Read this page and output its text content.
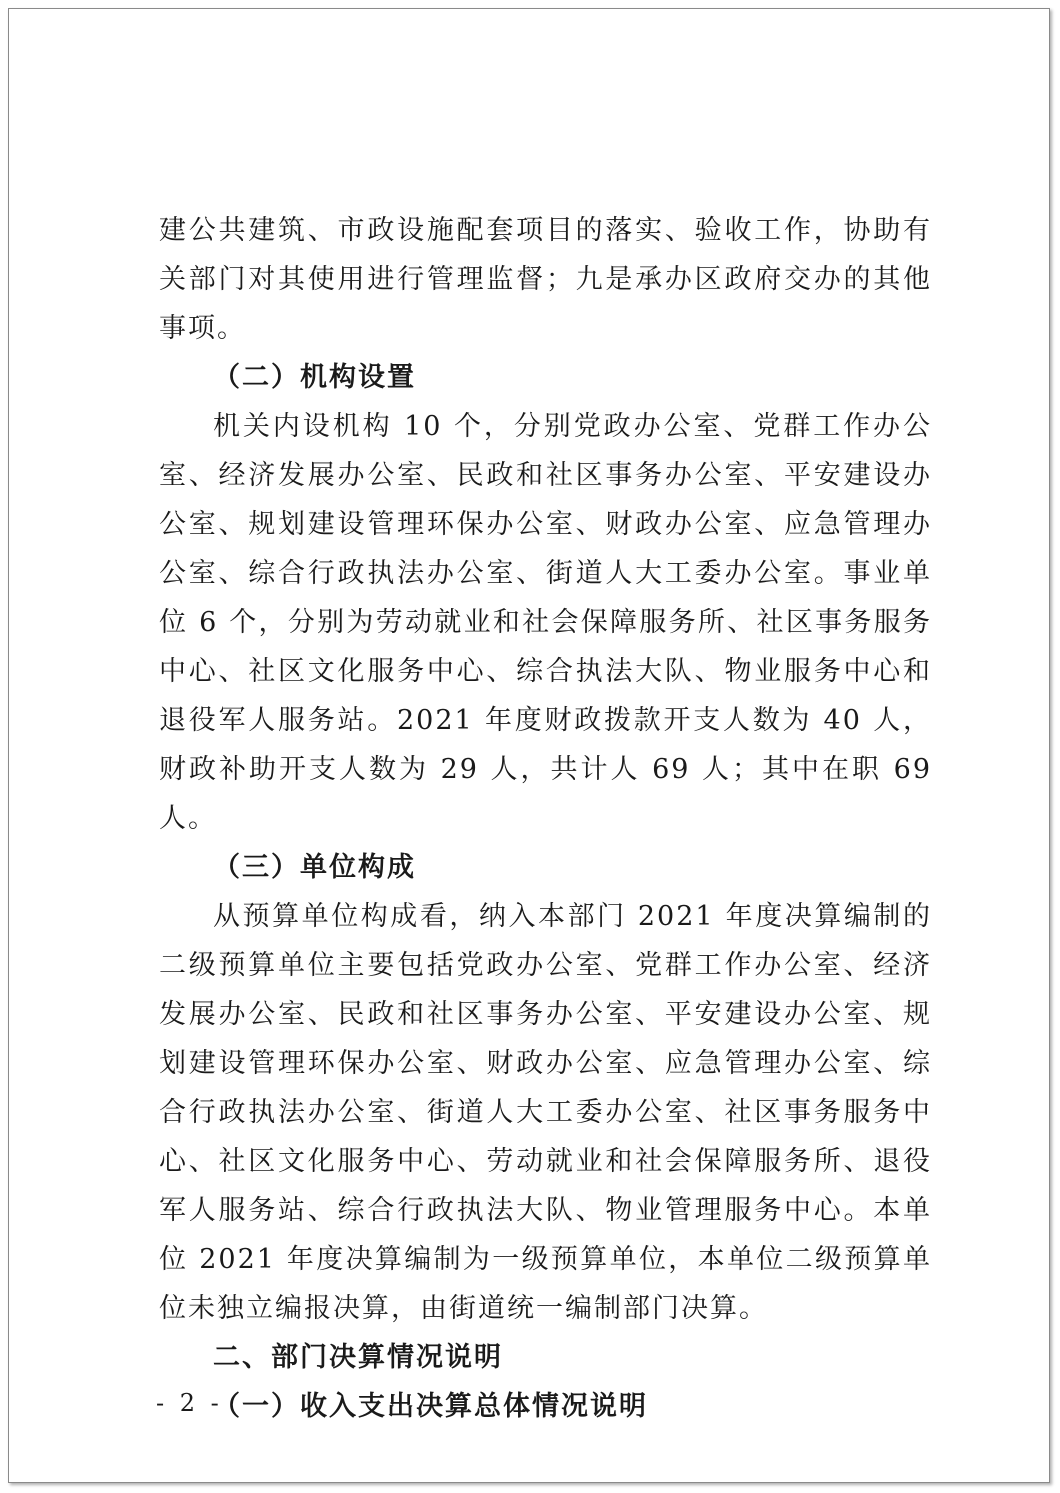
建公共建筑、市政设施配套项目的落实、验收工作，协助有关部门对其使用进行管理监督；九是承办区政府交办的其他事项。

（二）机构设置

机关内设机构 10 个，分别党政办公室、党群工作办公室、经济发展办公室、民政和社区事务办公室、平安建设办公室、规划建设管理环保办公室、财政办公室、应急管理办公室、综合行政执法办公室、街道人大工委办公室。事业单位 6 个，分别为劳动就业和社会保障服务所、社区事务服务中心、社区文化服务中心、综合执法大队、物业服务中心和退役军人服务站。2021 年度财政拨款开支人数为 40 人，财政补助开支人数为 29 人，共计人 69 人；其中在职 69 人。

（三）单位构成

从预算单位构成看，纳入本部门 2021 年度决算编制的二级预算单位主要包括党政办公室、党群工作办公室、经济发展办公室、民政和社区事务办公室、平安建设办公室、规划建设管理环保办公室、财政办公室、应急管理办公室、综合行政执法办公室、街道人大工委办公室、社区事务服务中心、社区文化服务中心、劳动就业和社会保障服务所、退役军人服务站、综合行政执法大队、物业管理服务中心。本单位 2021 年度决算编制为一级预算单位，本单位二级预算单位未独立编报决算，由街道统一编制部门决算。

二、部门决算情况说明

（一）收入支出决算总体情况说明

- 2 -
